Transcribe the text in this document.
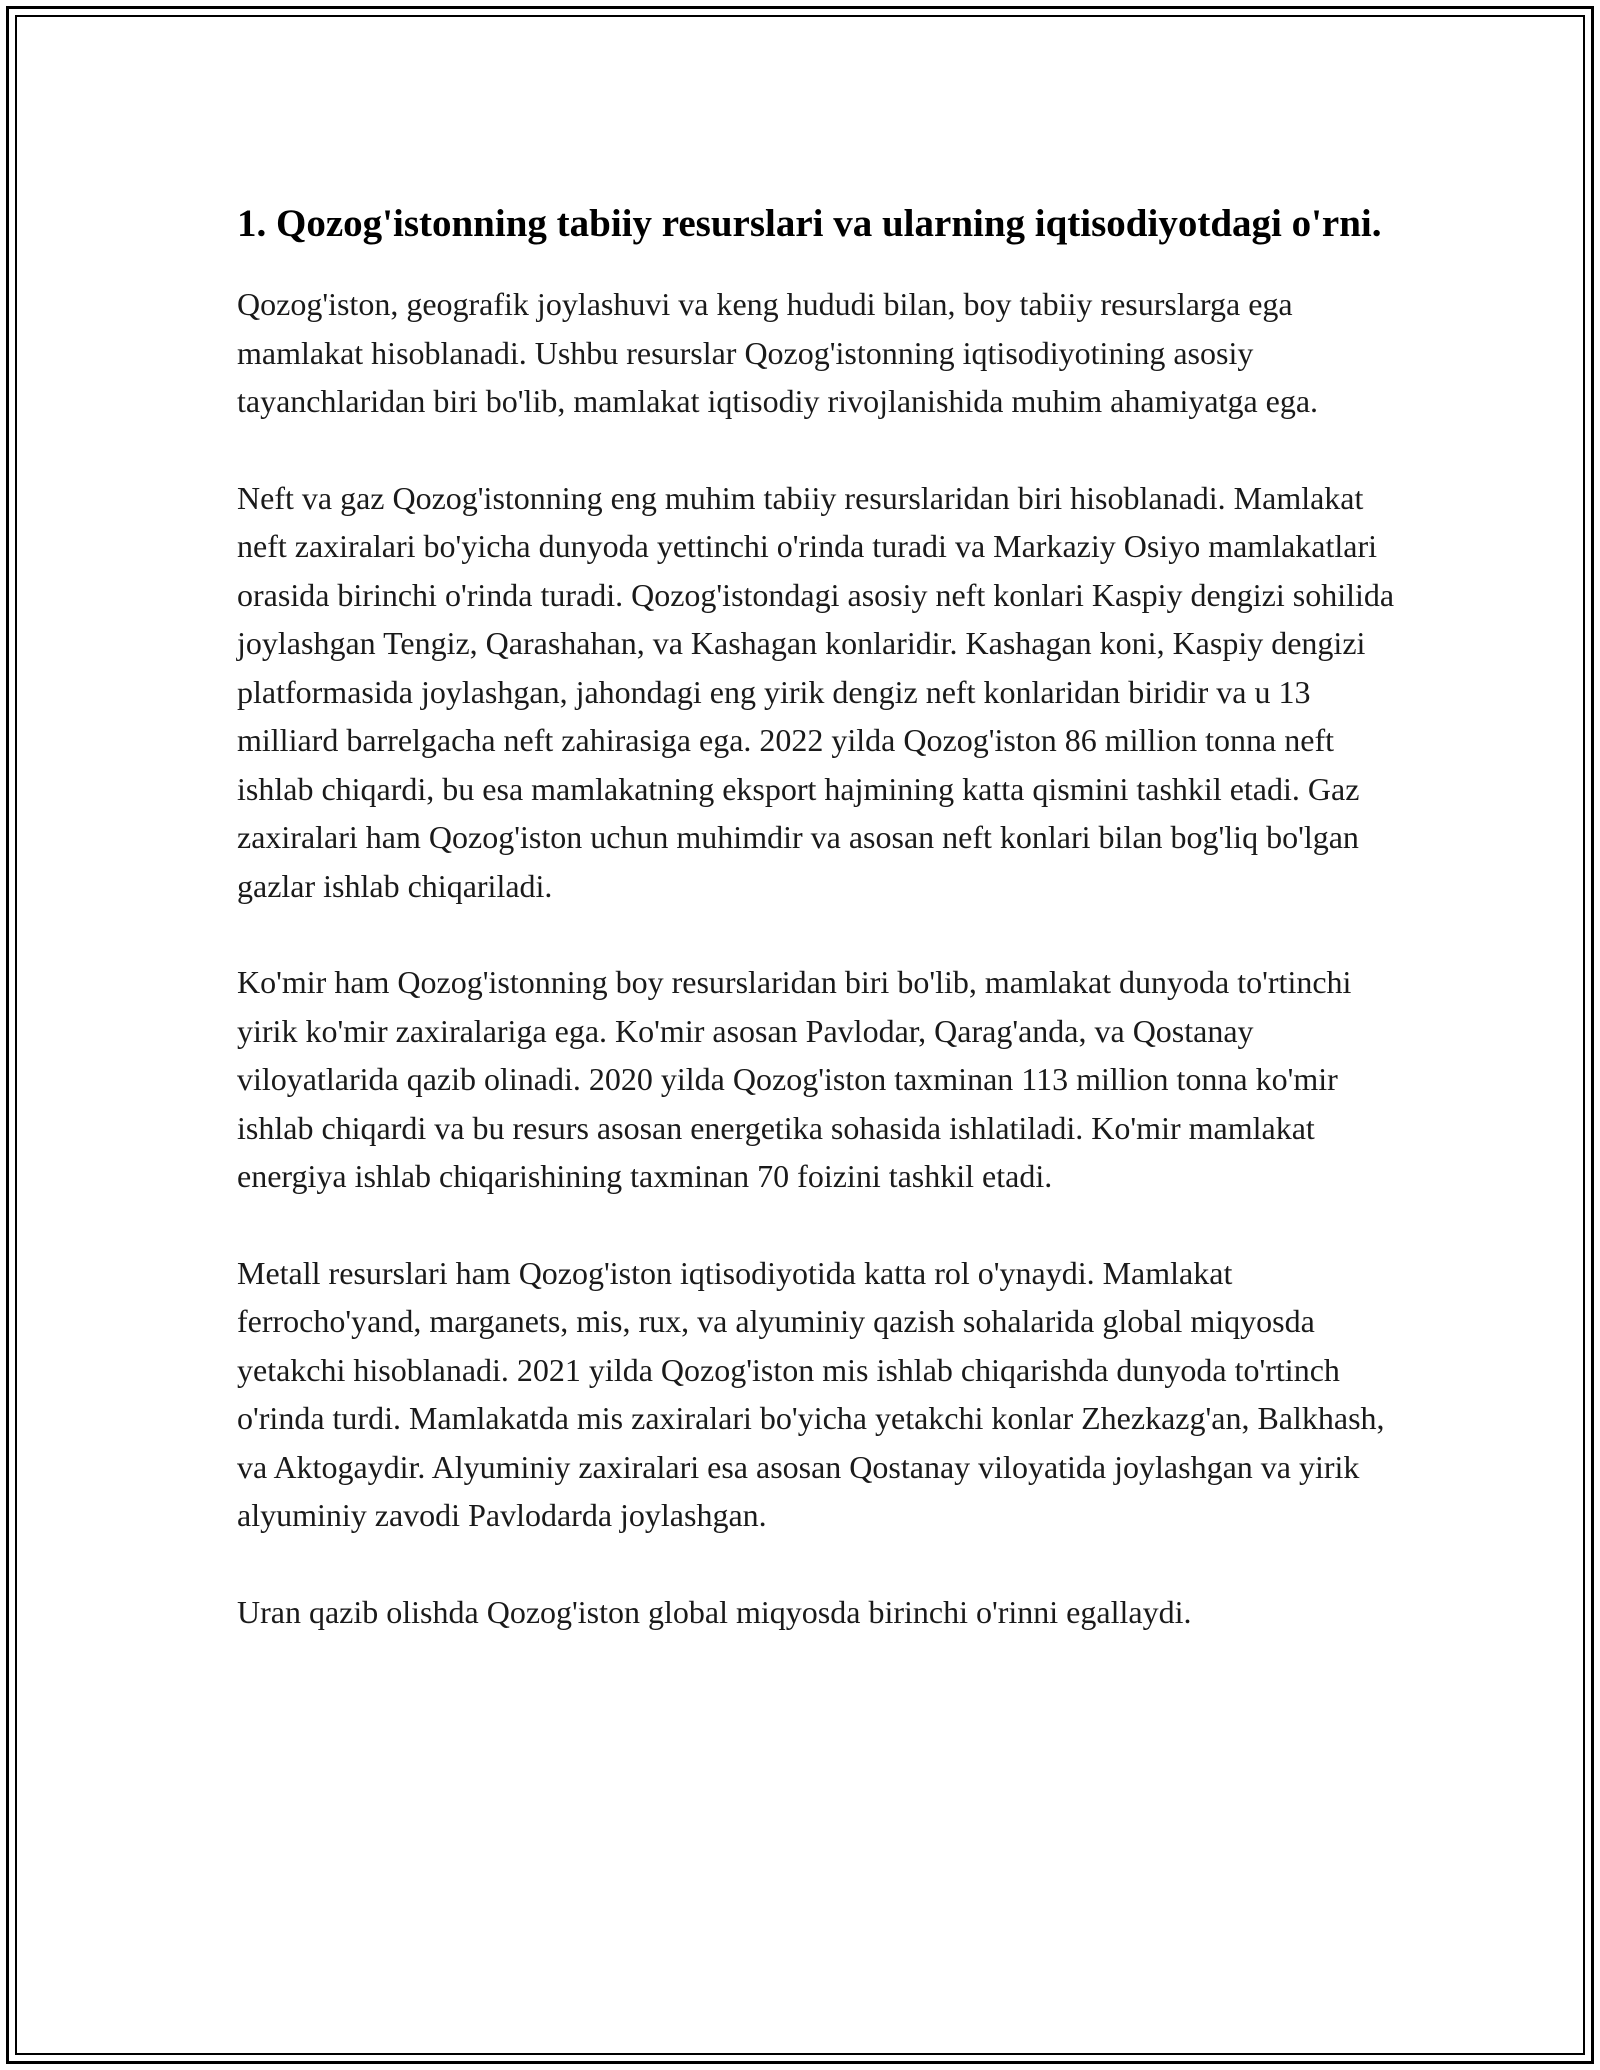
1. Qozog'istonning tabiiy resurslari va ularning iqtisodiyotdagi o'rni.

Qozog'iston, geografik joylashuvi va keng hududi bilan, boy tabiiy resurslarga ega mamlakat hisoblanadi. Ushbu resurslar Qozog'istonning iqtisodiyotining asosiy tayanchlaridan biri bo'lib, mamlakat iqtisodiy rivojlanishida muhim ahamiyatga ega.

Neft va gaz Qozog'istonning eng muhim tabiiy resurslaridan biri hisoblanadi. Mamlakat neft zaxiralari bo'yicha dunyoda yettinchi o'rinda turadi va Markaziy Osiyo mamlakatlari orasida birinchi o'rinda turadi. Qozog'istondagi asosiy neft konlari Kaspiy dengizi sohilida joylashgan Tengiz, Qarashahan, va Kashagan konlaridir. Kashagan koni, Kaspiy dengizi platformasida joylashgan, jahondagi eng yirik dengiz neft konlaridan biridir va u 13 milliard barrelgacha neft zahirasiga ega. 2022 yilda Qozog'iston 86 million tonna neft ishlab chiqardi, bu esa mamlakatning eksport hajmining katta qismini tashkil etadi. Gaz zaxiralari ham Qozog'iston uchun muhimdir va asosan neft konlari bilan bog'liq bo'lgan gazlar ishlab chiqariladi.

Ko'mir ham Qozog'istonning boy resurslaridan biri bo'lib, mamlakat dunyoda to'rtinchi yirik ko'mir zaxiralariga ega. Ko'mir asosan Pavlodar, Qarag'anda, va Qostanay viloyatlarida qazib olinadi. 2020 yilda Qozog'iston taxminan 113 million tonna ko'mir ishlab chiqardi va bu resurs asosan energetika sohasida ishlatiladi. Ko'mir mamlakat energiya ishlab chiqarishining taxminan 70 foizini tashkil etadi.

Metall resurslari ham Qozog'iston iqtisodiyotida katta rol o'ynaydi. Mamlakat ferrocho'yand, marganets, mis, rux, va alyuminiy qazish sohalarida global miqyosda yetakchi hisoblanadi. 2021 yilda Qozog'iston mis ishlab chiqarishda dunyoda to'rtinch o'rinda turdi. Mamlakatda mis zaxiralari bo'yicha yetakchi konlar Zhezkazg'an, Balkhash, va Aktogaydir. Alyuminiy zaxiralari esa asosan Qostanay viloyatida joylashgan va yirik alyuminiy zavodi Pavlodarda joylashgan.

Uran qazib olishda Qozog'iston global miqyosda birinchi o'rinni egallaydi.
